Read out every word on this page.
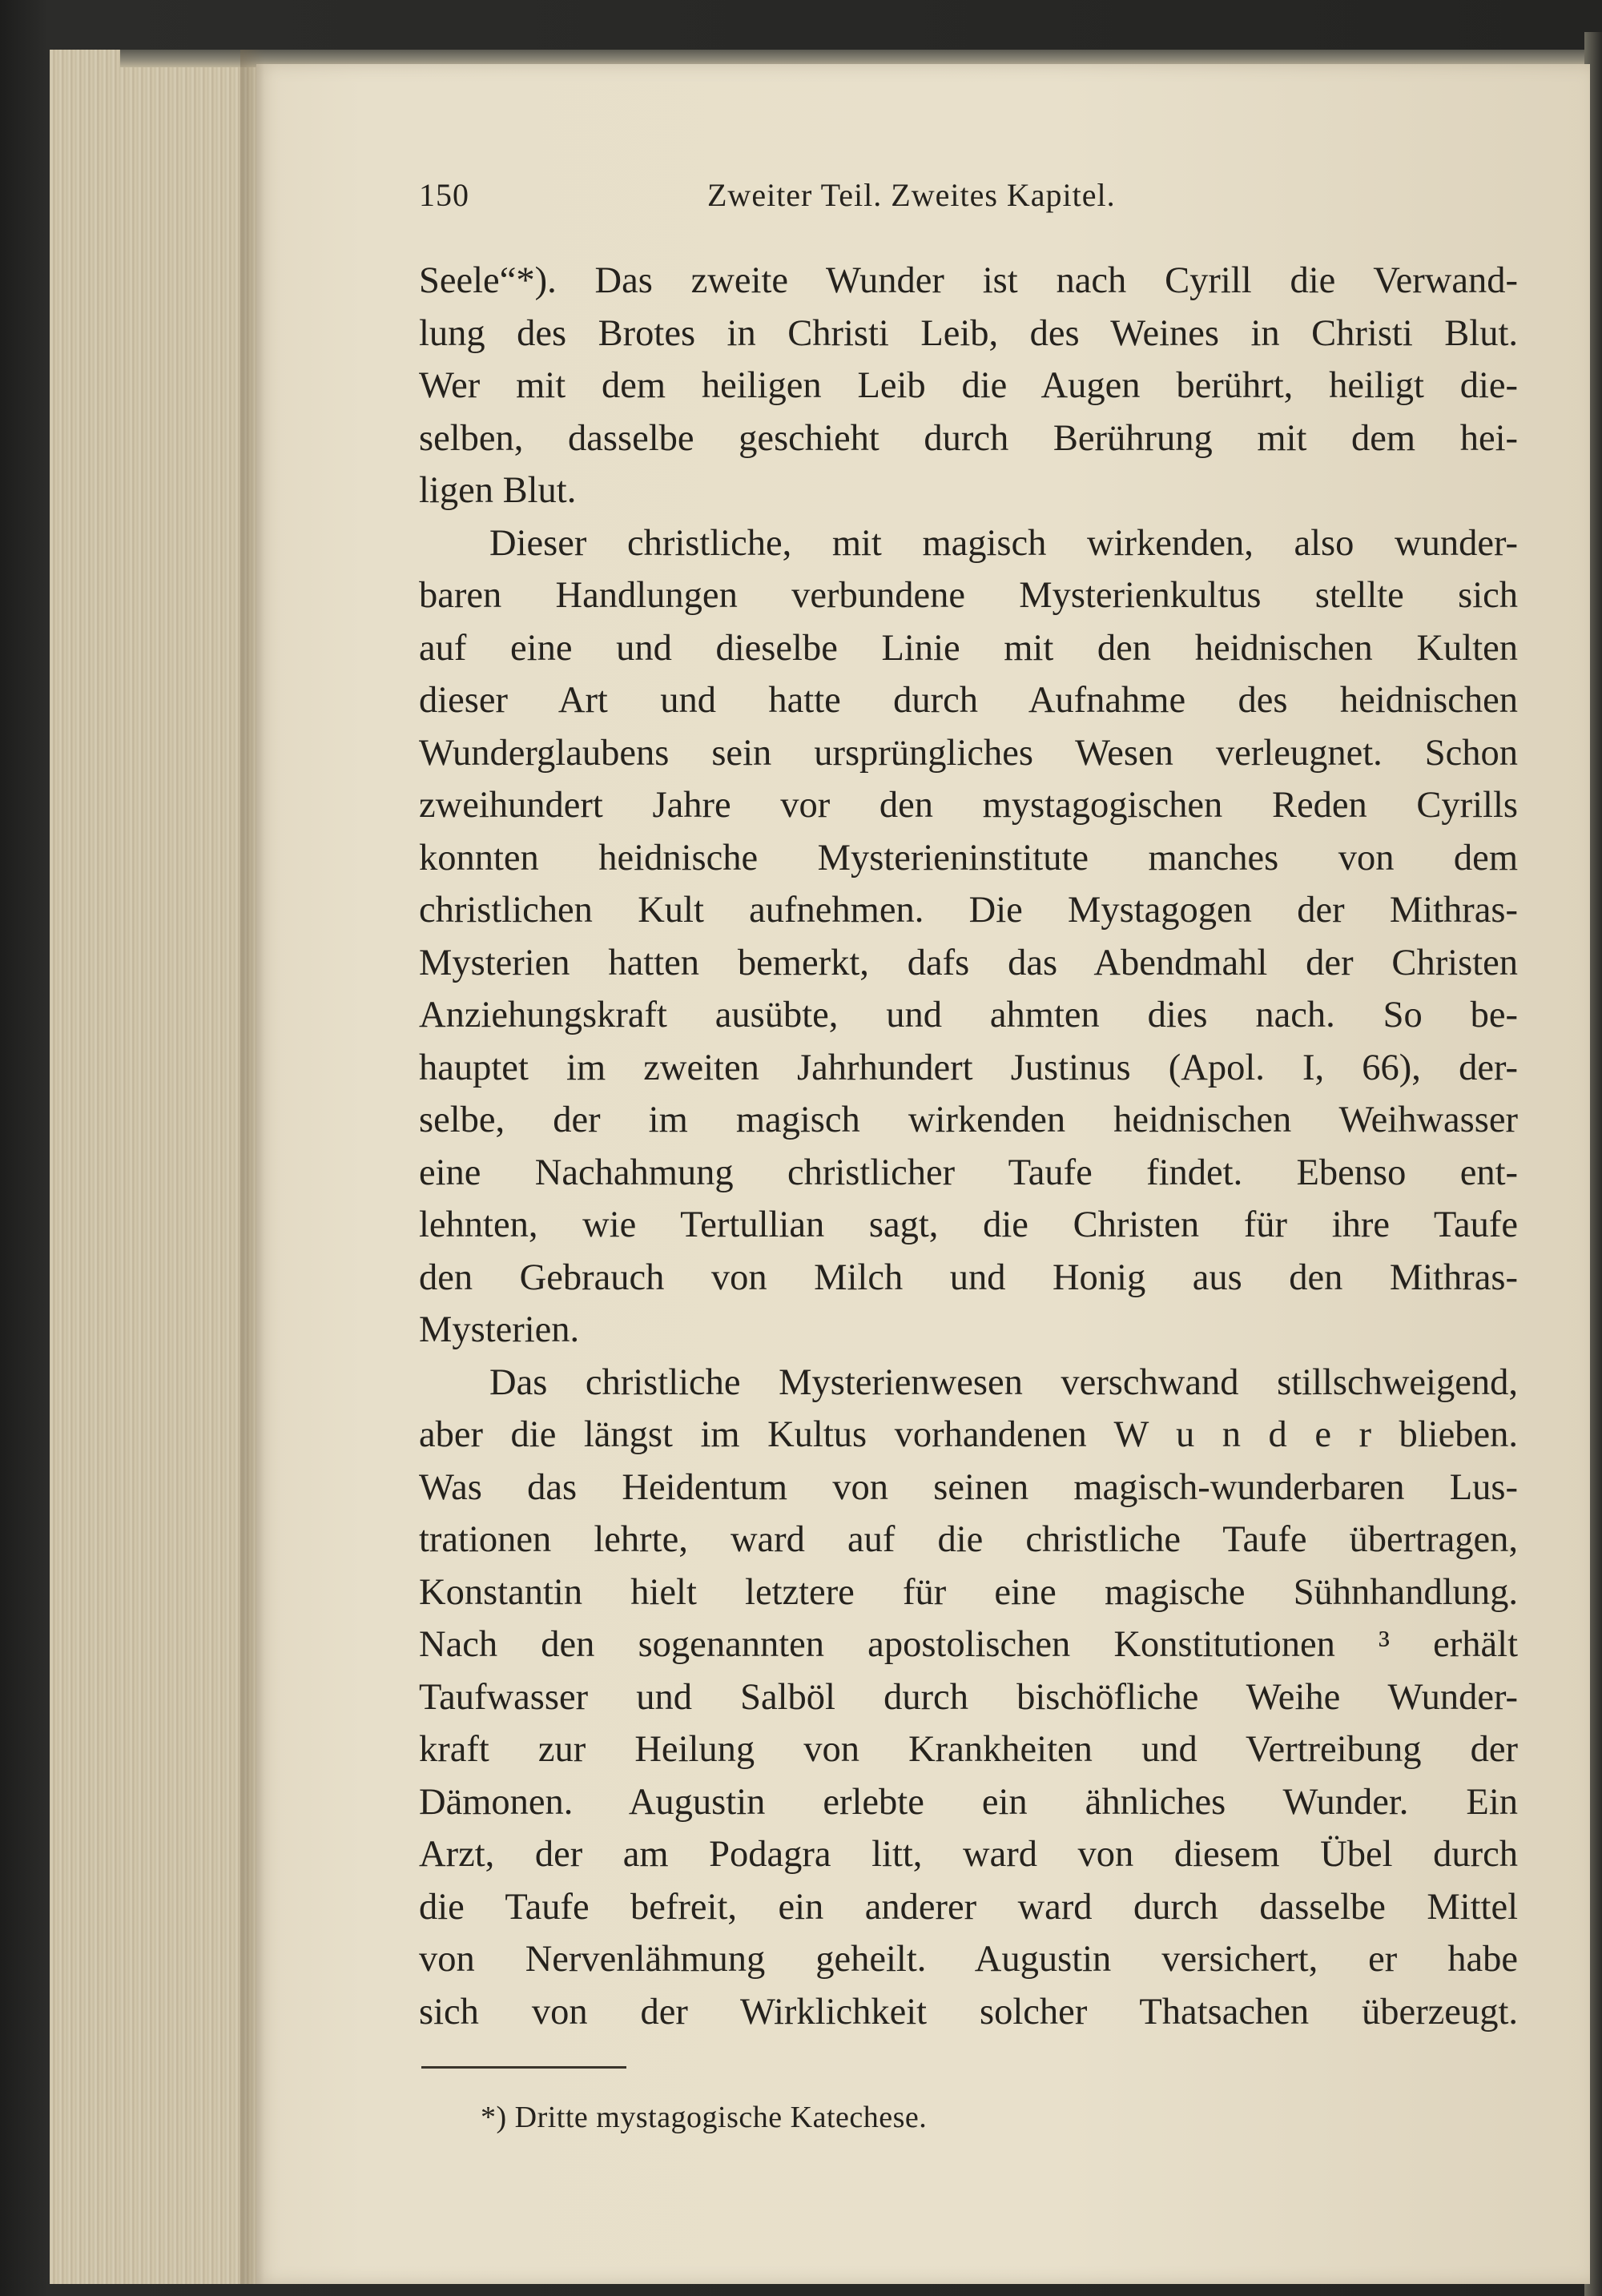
150	Zweiter Teil. Zweites Kapitel.
Seele“*). Das zweite Wunder ist nach Cyrill die Verwand-
lung des Brotes in Christi Leib, des Weines in Christi Blut.
Wer mit dem heiligen Leib die Augen berührt, heiligt die-
selben, dasselbe geschieht durch Berührung mit dem hei-
ligen Blut.
Dieser christliche, mit magisch wirkenden, also wunder-
baren Handlungen verbundene Mysterienkultus stellte sich
auf eine und dieselbe Linie mit den heidnischen Kulten
dieser Art und hatte durch Aufnahme des heidnischen
Wunderglaubens sein ursprüngliches Wesen verleugnet. Schon
zweihundert Jahre vor den mystagogischen Reden Cyrills
konnten heidnische Mysterieninstitute manches von dem
christlichen Kult aufnehmen. Die Mystagogen der Mithras-
Mysterien hatten bemerkt, dafs das Abendmahl der Christen
Anziehungskraft ausübte, und ahmten dies nach. So be-
hauptet im zweiten Jahrhundert Justinus (Apol. I, 66), der-
selbe, der im magisch wirkenden heidnischen Weihwasser
eine Nachahmung christlicher Taufe findet. Ebenso ent-
lehnten, wie Tertullian sagt, die Christen für ihre Taufe
den Gebrauch von Milch und Honig aus den Mithras-
Mysterien.
Das christliche Mysterienwesen verschwand stillschweigend,
aber die längst im Kultus vorhandenen W u n d e r blieben.
Was das Heidentum von seinen magisch-wunderbaren Lus-
trationen lehrte, ward auf die christliche Taufe übertragen,
Konstantin hielt letztere für eine magische Sühnhandlung.
Nach den sogenannten apostolischen Konstitutionen ³ erhält
Taufwasser und Salböl durch bischöfliche Weihe Wunder-
kraft zur Heilung von Krankheiten und Vertreibung der
Dämonen. Augustin erlebte ein ähnliches Wunder. Ein
Arzt, der am Podagra litt, ward von diesem Übel durch
die Taufe befreit, ein anderer ward durch dasselbe Mittel
von Nervenlähmung geheilt. Augustin versichert, er habe
sich von der Wirklichkeit solcher Thatsachen überzeugt.
*) Dritte mystagogische Katechese.
